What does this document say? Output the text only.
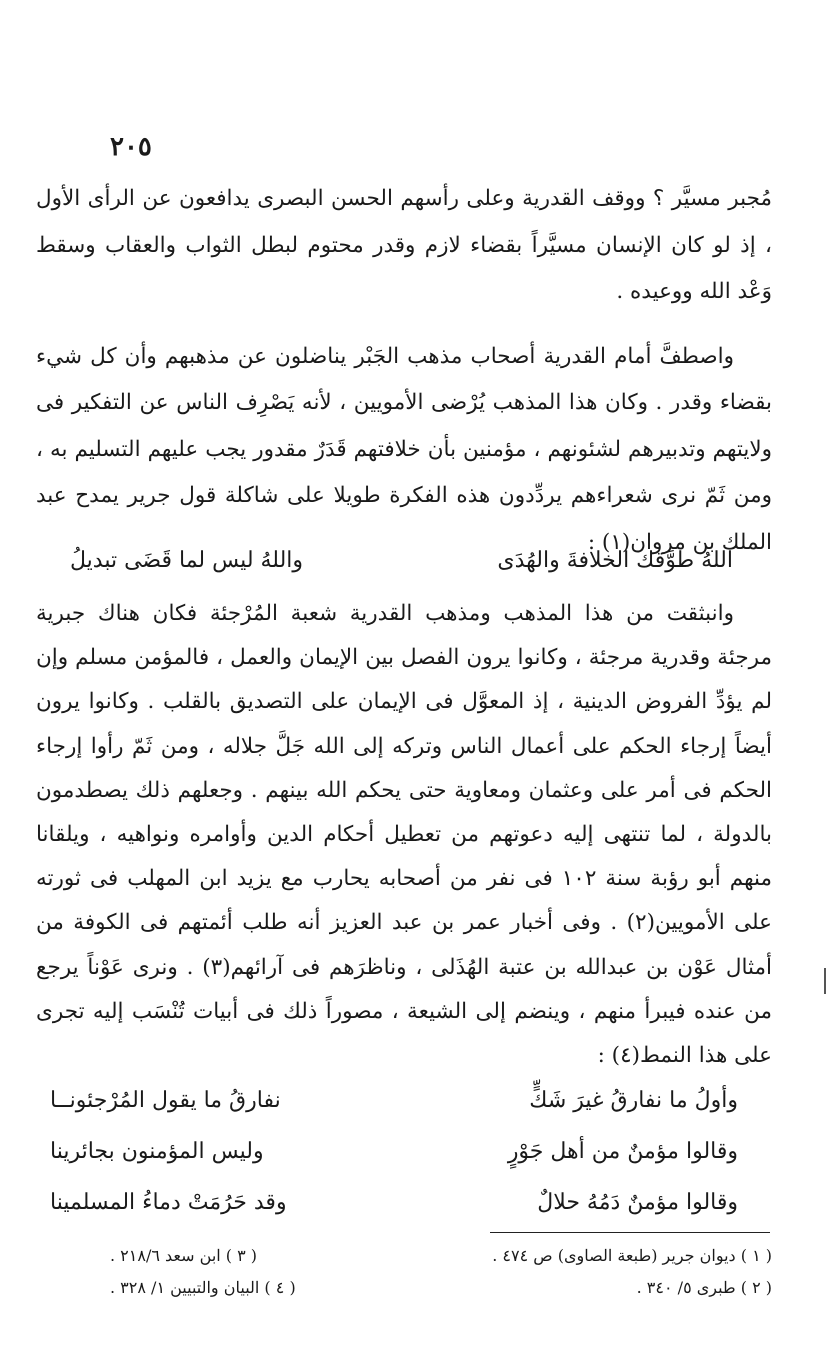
٢٠٥

مُجبر مسيَّر ؟ ووقف القدرية وعلى رأسهم الحسن البصرى يدافعون عن الرأى الأول ، إذ لو كان الإنسان مسيَّراً بقضاء لازم وقدر محتوم لبطل الثواب والعقاب وسقط وَعْد الله ووعيده .

واصطفَّ أمام القدرية أصحاب مذهب الجَبْر يناضلون عن مذهبهم وأن كل شيء بقضاء وقدر . وكان هذا المذهب يُرْضى الأمويين ، لأنه يَصْرِف الناس عن التفكير فى ولايتهم وتدبيرهم لشئونهم ، مؤمنين بأن خلافتهم قَدَرٌ مقدور يجب عليهم التسليم به ، ومن ثَمّ نرى شعراءهم يردِّدون هذه الفكرة طويلا على شاكلة قول جرير يمدح عبد الملك بن مروان(١) :

اللهُ طوَّقك الخلافةَ والهُدَى
واللهُ ليس لما قَضَى تبديلُ

وانبثقت من هذا المذهب ومذهب القدرية شعبة المُرْجئة فكان هناك جبرية مرجئة وقدرية مرجئة ، وكانوا يرون الفصل بين الإيمان والعمل ، فالمؤمن مسلم وإن لم يؤدِّ الفروض الدينية ، إذ المعوَّل فى الإيمان على التصديق بالقلب . وكانوا يرون أيضاً إرجاء الحكم على أعمال الناس وتركه إلى الله جَلَّ جلاله ، ومن ثَمّ رأوا إرجاء الحكم فى أمر على وعثمان ومعاوية حتى يحكم الله بينهم . وجعلهم ذلك يصطدمون بالدولة ، لما تنتهى إليه دعوتهم من تعطيل أحكام الدين وأوامره ونواهيه ، ويلقانا منهم أبو رؤبة سنة ١٠٢ فى نفر من أصحابه يحارب مع يزيد ابن المهلب فى ثورته على الأمويين(٢) . وفى أخبار عمر بن عبد العزيز أنه طلب أئمتهم فى الكوفة من أمثال عَوْن بن عبدالله بن عتبة الهُذَلى ، وناظرَهم فى آرائهم(٣) . ونرى عَوْناً يرجع من عنده فيبرأ منهم ، وينضم إلى الشيعة ، مصوراً ذلك فى أبيات تُنْسَب إليه تجرى على هذا النمط(٤) :

وأولُ ما نفارقُ غيرَ شَكٍّ
نفارقُ ما يقول المُرْجئونــا
وقالوا مؤمنٌ من أهل جَوْرٍ
وليس المؤمنون بجائرينا
وقالوا مؤمنٌ دَمُهُ حلالٌ
وقد حَرُمَتْ دماءُ المسلمينا
( ١ ) ديوان جرير (طبعة الصاوى) ص ٤٧٤ .
( ٣ ) ابن سعد ٢١٨/٦ .
( ٢ ) طبرى ٥/ ٣٤٠ .
( ٤ ) البيان والتبيين ١/ ٣٢٨ .
